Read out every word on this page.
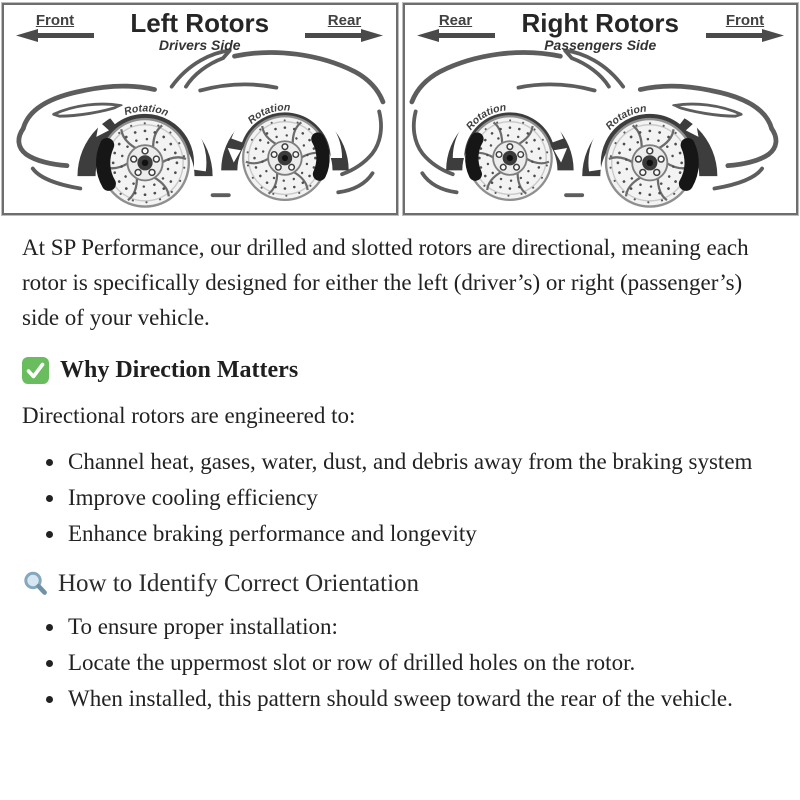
Rotation
Rotation
Front Left Rotors
Drivers Side
Rear
Rotation
Rotation
Rear Right Rotors
Passengers Side
Front

At SP Performance, our drilled and slotted rotors are directional, meaning each rotor is specifically designed for either the left (driver’s) or right (passenger’s) side of your vehicle.

Why Direction Matters

Directional rotors are engineered to:

• Channel heat, gases, water, dust, and debris away from the braking system
• Improve cooling efficiency
• Enhance braking performance and longevity
How to Identify Correct Orientation
• To ensure proper installation:
• Locate the uppermost slot or row of drilled holes on the rotor.
• When installed, this pattern should sweep toward the rear of the vehicle.
